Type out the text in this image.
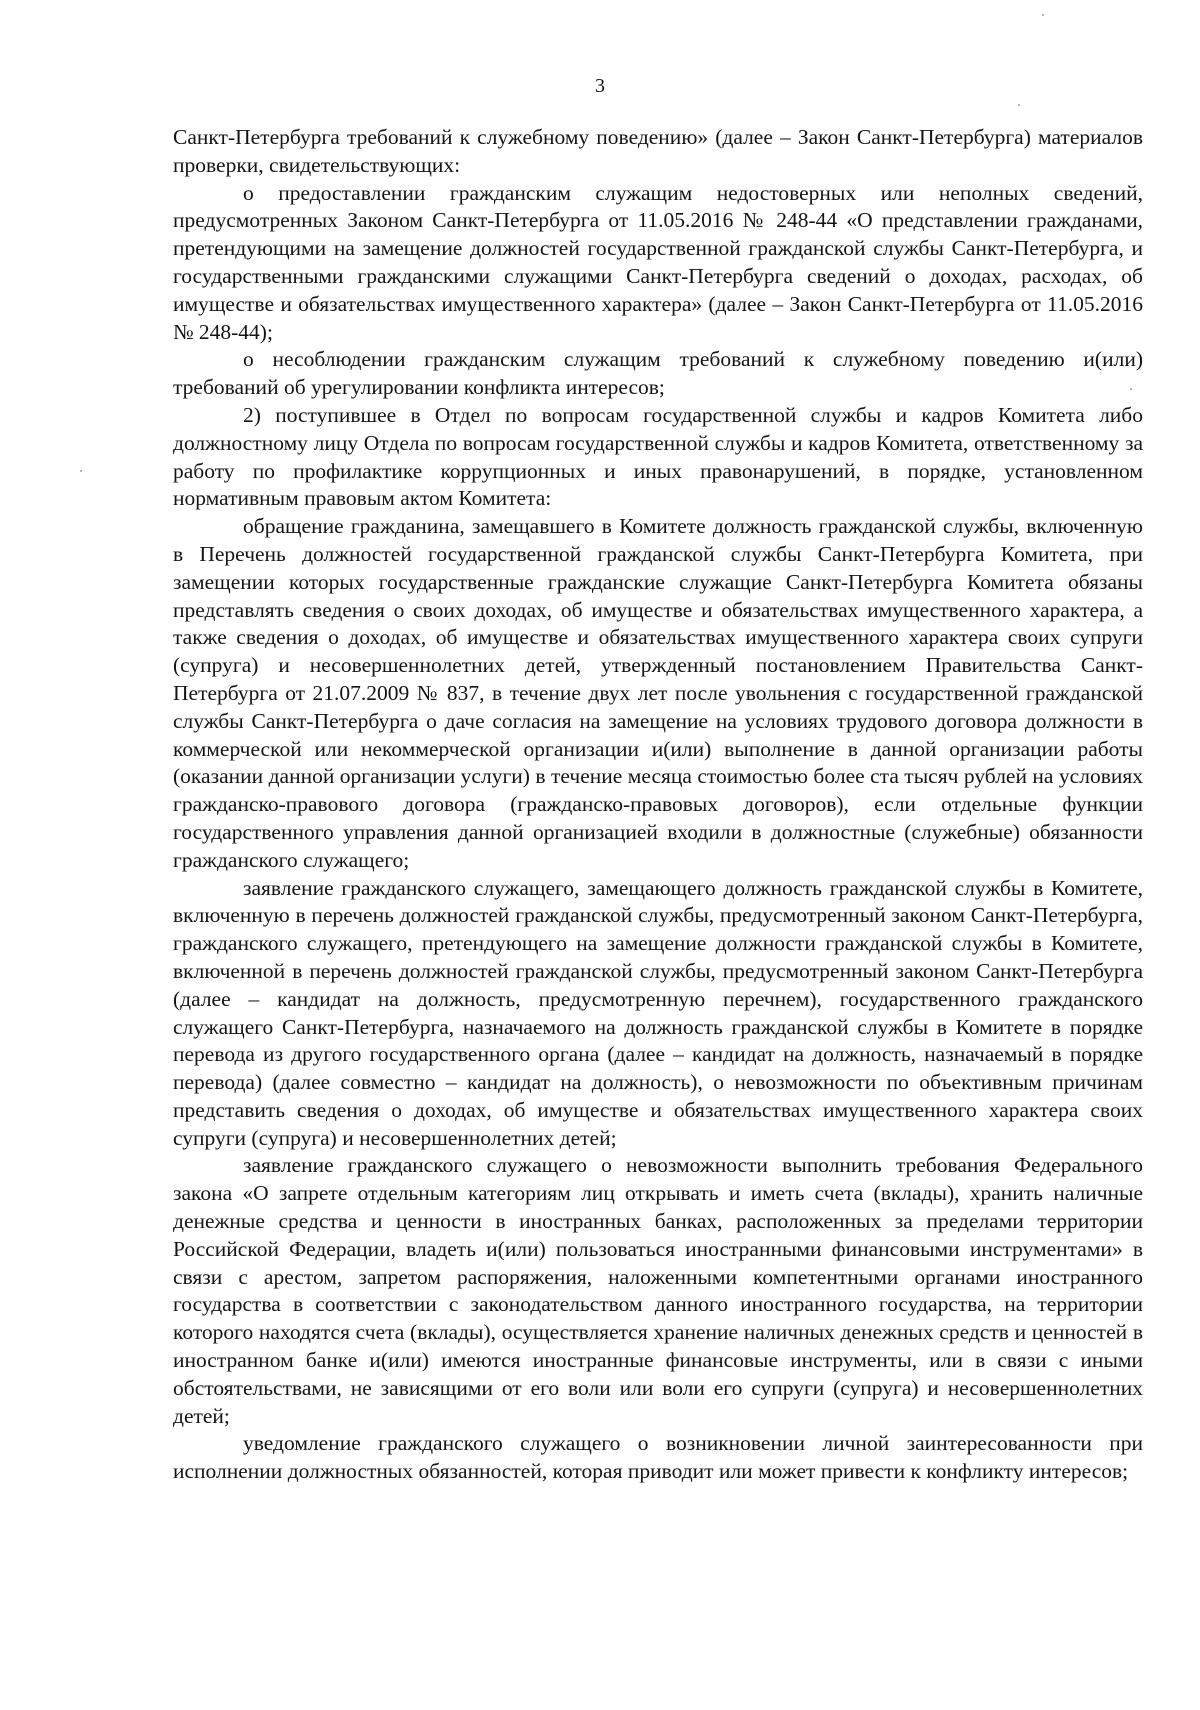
3

Санкт-Петербурга требований к служебному поведению» (далее – Закон Санкт-Петербурга) материалов проверки, свидетельствующих:

о предоставлении гражданским служащим недостоверных или неполных сведений, предусмотренных Законом Санкт-Петербурга от 11.05.2016 № 248-44 «О представлении гражданами, претендующими на замещение должностей государственной гражданской службы Санкт-Петербурга, и государственными гражданскими служащими Санкт-Петербурга сведений о доходах, расходах, об имуществе и обязательствах имущественного характера» (далее – Закон Санкт-Петербурга от 11.05.2016 № 248-44);

о несоблюдении гражданским служащим требований к служебному поведению и(или) требований об урегулировании конфликта интересов;

2) поступившее в Отдел по вопросам государственной службы и кадров Комитета либо должностному лицу Отдела по вопросам государственной службы и кадров Комитета, ответственному за работу по профилактике коррупционных и иных правонарушений, в порядке, установленном нормативным правовым актом Комитета:

обращение гражданина, замещавшего в Комитете должность гражданской службы, включенную в Перечень должностей государственной гражданской службы Санкт-Петербурга Комитета, при замещении которых государственные гражданские служащие Санкт-Петербурга Комитета обязаны представлять сведения о своих доходах, об имуществе и обязательствах имущественного характера, а также сведения о доходах, об имуществе и обязательствах имущественного характера своих супруги (супруга) и несовершеннолетних детей, утвержденный постановлением Правительства Санкт-Петербурга от 21.07.2009 № 837, в течение двух лет после увольнения с государственной гражданской службы Санкт-Петербурга о даче согласия на замещение на условиях трудового договора должности в коммерческой или некоммерческой организации и(или) выполнение в данной организации работы (оказании данной организации услуги) в течение месяца стоимостью более ста тысяч рублей на условиях гражданско-правового договора (гражданско-правовых договоров), если отдельные функции государственного управления данной организацией входили в должностные (служебные) обязанности гражданского служащего;

заявление гражданского служащего, замещающего должность гражданской службы в Комитете, включенную в перечень должностей гражданской службы, предусмотренный законом Санкт-Петербурга, гражданского служащего, претендующего на замещение должности гражданской службы в Комитете, включенной в перечень должностей гражданской службы, предусмотренный законом Санкт-Петербурга (далее – кандидат на должность, предусмотренную перечнем), государственного гражданского служащего Санкт-Петербурга, назначаемого на должность гражданской службы в Комитете в порядке перевода из другого государственного органа (далее – кандидат на должность, назначаемый в порядке перевода) (далее совместно – кандидат на должность), о невозможности по объективным причинам представить сведения о доходах, об имуществе и обязательствах имущественного характера своих супруги (супруга) и несовершеннолетних детей;

заявление гражданского служащего о невозможности выполнить требования Федерального закона «О запрете отдельным категориям лиц открывать и иметь счета (вклады), хранить наличные денежные средства и ценности в иностранных банках, расположенных за пределами территории Российской Федерации, владеть и(или) пользоваться иностранными финансовыми инструментами» в связи с арестом, запретом распоряжения, наложенными компетентными органами иностранного государства в соответствии с законодательством данного иностранного государства, на территории которого находятся счета (вклады), осуществляется хранение наличных денежных средств и ценностей в иностранном банке и(или) имеются иностранные финансовые инструменты, или в связи с иными обстоятельствами, не зависящими от его воли или воли его супруги (супруга) и несовершеннолетних детей;

уведомление гражданского служащего о возникновении личной заинтересованности при исполнении должностных обязанностей, которая приводит или может привести к конфликту интересов;
